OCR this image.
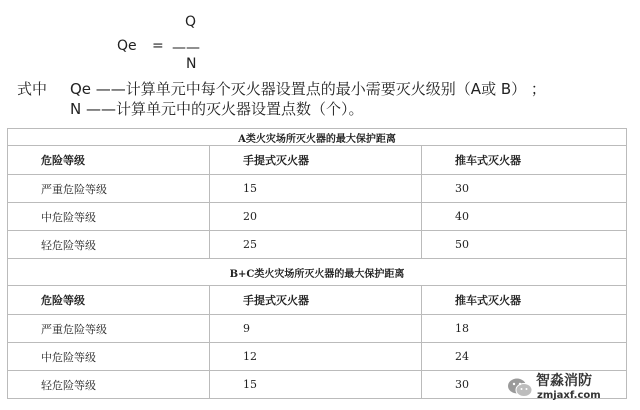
Qe =
Q
——
N
式中 Qe ——计算单元中每个灭火器设置点的最小需要灭火级别（A或 B） ；
N ——计算单元中的灭火器设置点数（个）。
A类火灾场所灭火器的最大保护距离		
危险等级	手提式灭火器	推车式灭火器
严重危险等级	15	30
中危险等级	20	40
轻危险等级	25	50
B+C类火灾场所灭火器的最大保护距离		
危险等级	手提式灭火器	推车式灭火器
严重危险等级	9	18
中危险等级	12	24
轻危险等级	15	30	智淼消防
zmjaxf.com
